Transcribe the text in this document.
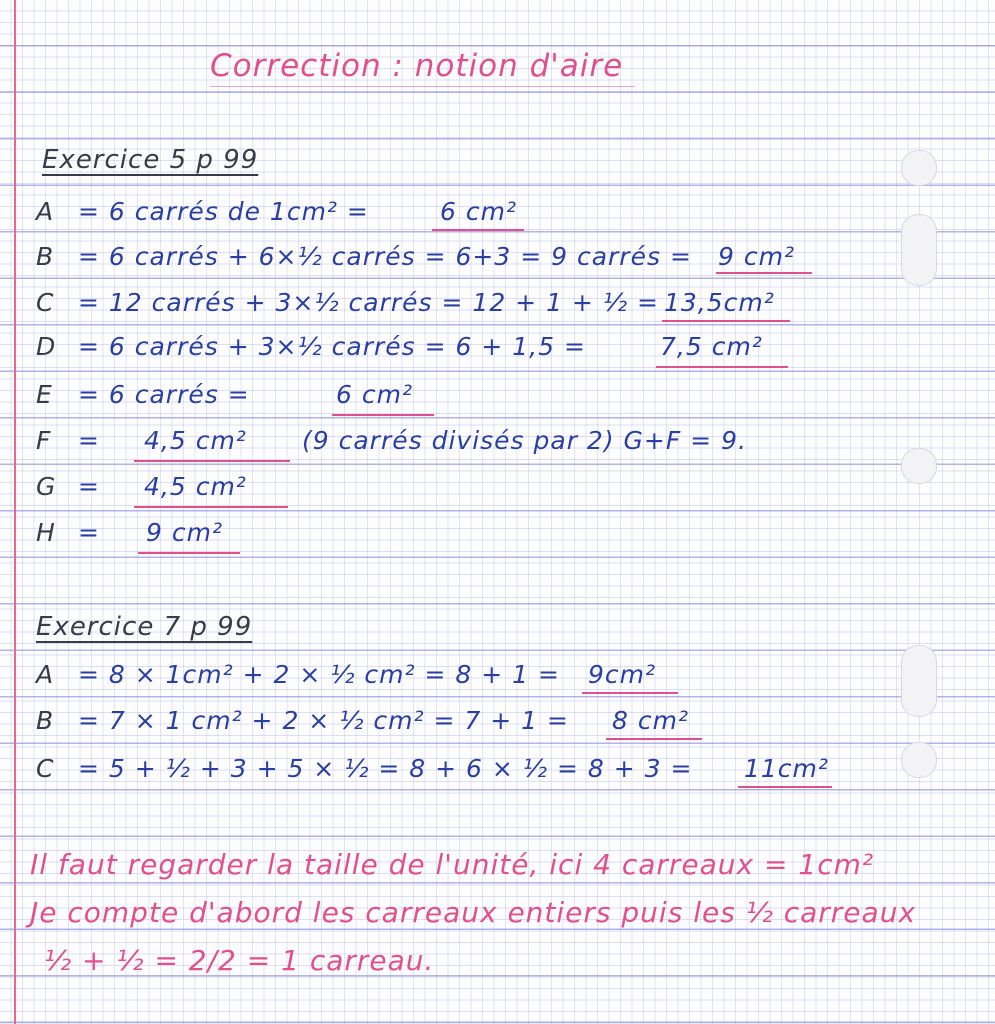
Correction : notion d'aire
Exercice 5 p 99
A = 6 carrés de 1cm² =	6 cm²
B = 6 carrés + 6×½ carrés = 6+3 = 9 carrés = 9 cm²
C = 12 carrés + 3×½ carrés = 12 + 1 + ½ = 13,5cm²
D = 6 carrés + 3×½ carrés = 6 + 1,5 =	7,5 cm²
E = 6 carrés =	6 cm²
F = 4,5 cm² (9 carrés divisés par 2) G+F = 9.
G = 4,5 cm²
H = 9 cm²
Exercice 7 p 99
A = 8 × 1cm² + 2 × ½ cm² = 8 + 1 = 9cm²
B = 7 × 1 cm² + 2 × ½ cm² = 7 + 1 = 8 cm²
C = 5 + ½ + 3 + 5 × ½ = 8 + 6 × ½ = 8 + 3 = 11cm²
Il faut regarder la taille de l'unité, ici 4 carreaux = 1cm²
Je compte d'abord les carreaux entiers puis les ½ carreaux
½ + ½ = 2/2 = 1 carreau.
